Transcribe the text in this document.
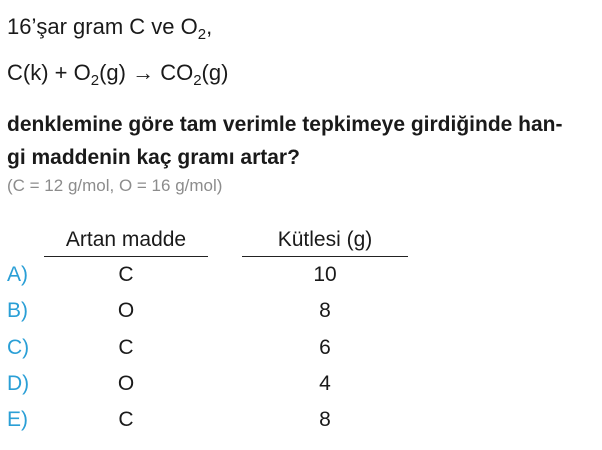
16’şar gram C ve $O_2$,
$C(k) + O_2(g) \to CO_2(g)$
denklemine göre tam verimle tepkimeye girdiğinde han-
gi maddenin kaç gramı artar?
(C = 12 g/mol, O = 16 g/mol)
Artan madde	Kütlesi (g)
A)	C	10
B)	O	8
C)	C	6
D)	O	4
E)	C	8
